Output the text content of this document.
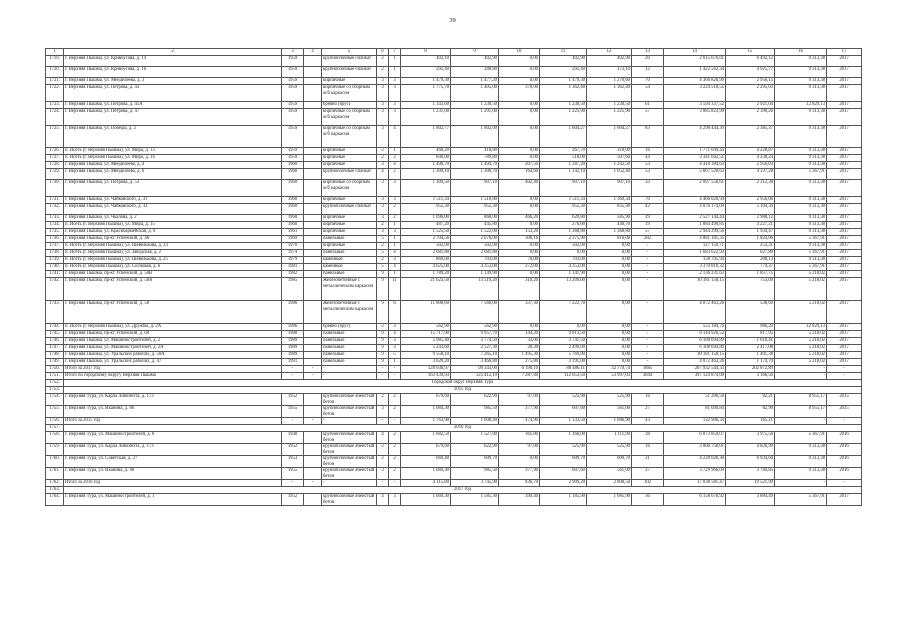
39
1	2	3	4	5	6	7	8	9	10	11	12	13	14	15	16	17
1719.	г. Верхняя Пышма, ул. Кривоусова, д. 14	1959		крупноблочные силикат	2	1	403,10	402,90	0,00	402,90	402,90	20	2 615 676,61	6 492,12	9 313,38	2017
1720.	г. Верхняя Пышма, ул. Кривоусова, д. 16	1959		крупноблочные силикат	2	1	292,40	288,80	0,00	292,40	173,10	12	1 422 562,34	4 925,77	9 313,38	2017
1721.	г. Верхняя Пышма, ул. Менделеева, д. 3	1959		кирпичные	3	3	1 479,30	1 477,20	0,00	1 479,30	1 270,60	70	4 366 826,99	2 956,15	9 313,38	2017
1722.	г. Верхняя Пышма, ул. Петрова, д. 43	1959		кирпичные со сборным ж/б каркасом	3	3	1 775,70	1 405,00	370,00	1 362,40	1 362,40	54	3 224 518,55	2 295,03	9 313,38	2017
1723.	г. Верхняя Пышма, ул. Петрова, д. 45А	1959		бревно (брус)	3	3	1 343,60	1 230,50	0,00	1 230,50	1 230,50	61	3 594 337,52	2 921,04	12 829,13	2017
1724.	г. Верхняя Пышма, ул. Петрова, д. 47	1959		кирпичные со сборным ж/б каркасом	3	3	1 231,00	1 291,00	0,00	1 225,90	1 225,90	57	3 085 823,99	2 390,26	9 313,38	2017
1725.	г. Верхняя Пышма, ул. Победы, д. 2	1959		кирпичные со сборным ж/б каркасом	3	4	1 802,77	1 802,00	0,00	1 604,27	1 604,27	83	4 298 444,39	2 385,37	9 313,38	2017
1726.	п. Исеть (г. Верхняя Пышма), ул. Мира, д. 13	1959		кирпичные	2	1	460,20	418,80	0,00	267,70	310,00	16	1 771 049,44	4 228,87	9 313,38	2017
1727.	п. Исеть (г. Верхняя Пышма), ул. Мира, д. 14	1959		кирпичные	2	2	840,00	789,80	0,00	518,00	507,60	44	3 341 042,51	4 230,24	9 313,38	2017
1728.	г. Верхняя Пышма, ул. Менделеева, д. 4	1960		кирпичные	3	4	1 496,70	1 494,70	207,50	1 287,20	1 242,50	53	4 418 384,63	2 956,03	9 313,38	2017
1729.	г. Верхняя Пышма, ул. Менделеева, д. 6	1960		крупноблочные силикат	4	2	1 309,10	1 306,70	164,60	1 142,10	1 052,40	53	5 667 520,63	4 337,28	5 367,91	2017
1730.	г. Верхняя Пышма, ул. Петрова, д. 53	1960		кирпичные со сборным ж/б каркасом	3	3	1 309,50	907,10	402,40	907,10	907,10	33	2 097 556,61	2 312,38	9 313,38	2017
1731.	г. Верхняя Пышма, ул. Чайковского, д. 31	1960		кирпичные	3	3	1 511,34	1 510,80	0,00	1 511,34	1 369,34	70	4 466 020,94	2 956,06	9 313,38	2017
1732.	г. Верхняя Пышма, ул. Чайковского, д. 33	1960		крупноблочные силикат	3	2	955,30	955,30	0,00	955,30	835,30	42	4 876 174,09	5 104,34	9 313,38	2017
1733.	г. Верхняя Пышма, ул. Чкалова, д. 2	1960		кирпичные	3	2	1 096,00	868,00	466,20	629,80	585,90	29	2 527 144,44	2 988,12	9 313,38	2017
1734.	п. Исеть (г. Верхняя Пышма), ул. Мира, д. 15	1960		кирпичные	2	1	487,20	445,80	0,00	276,00	440,70	19	1 884 490,85	4 227,21	9 313,38	2017
1735.	г. Верхняя Пышма, ул. Красноармейская, д. 9	1961		кирпичные	3	3	1 525,50	1 522,00	153,20	1 368,80	1 368,80	57	2 944 299,56	1 934,47	9 313,38	2017
1736.	г. Верхняя Пышма, пр-кт Успенский, д. 48	1969		панельные	5	1	2 704,56	2 676,00	306,16	2 375,90	816,00	282	4 881 181,35	1 824,06	5 367,91	2017
1737.	п. Исеть (г. Верхняя Пышма), ул. Шевелькова, д. 23	1970		кирпичные	2	1	502,00	502,00	0,00	502,00	0,00	-	127 159,71	253,31	9 313,38	2017
1738.	п. Исеть (г. Верхняя Пышма), ул. Заводская, д. 2	1974		панельные	5	4	2 681,80	2 681,80	0,00	0,00	0,00	-	1 683 622,93	627,80	5 367,91	2017
1739.	п. Исеть (г. Верхняя Пышма), ул. Шевелькова, д. 25	1979		каменные	2	3	869,00	793,00	76,00	793,00	0,00	-	158 705,94	200,13	9 313,38	2017
1740.	п. Исеть (г. Верхняя Пышма), ул. Сосновая, д. 6	1981		каменные	5	4	4 625,00	4 353,00	272,00	4 353,00	0,00	-	3 370 818,32	774,37	5 367,91	2017
1741.	г. Верхняя Пышма, пр-кт Успенский, д. 50В	1982		панельные	9	1	1 789,20	1 149,90	0,00	1 141,90	0,00	-	2 136 231,63	1 857,75	5 218,02	2017
1742.	г. Верхняя Пышма, пр-кт Успенский, д. 58А	1985		Железобетонные с металлическим каркасом	9	11	21 623,50	13 519,20	310,20	13 209,00	0,00	-	10 181 158,15	753,09	5 218,02	2017
1743.	г. Верхняя Пышма, пр-кт Успенский, д. 58	1986		Железобетонные с металлическим каркасом	9	6	11 808,60	7 560,00	337,30	7 222,70	0,00	-	4 072 463,26	538,69	5 218,02	2017
1744.	п. Исеть (г. Верхняя Пышма), ул. Дружбы, д. 2А	1986		бревно (брус)	2	3	562,90	562,90	0,00	0,00	0,00	-	555 184,76	986,29	12 829,13	2017
1745.	г. Верхняя Пышма, пр-кт Успенский, д. 60	1988		панельные	9	4	15 717,90	9 957,70	144,20	9 813,50	0,00	-	8 144 926,52	817,95	5 218,02	2017
1746.	г. Верхняя Пышма, ул. Машиностроителей, д. 2	1989		панельные	9	3	5 985,40	3 774,50	33,00	3 741,50	0,00	-	6 108 694,89	1 618,41	5 218,02	2017
1747.	г. Верхняя Пышма, ул. Машиностроителей, д. 2А	1989		панельные	9	3	5 243,60	2 527,30	28,30	2 499,00	0,00	-	6 108 694,89	2 417,08	5 218,02	2017
1748.	г. Верхняя Пышма, ул. Уральских рабочих, д. 50А	1989		панельные	9	5	9 558,10	7 265,10	1 495,30	5 769,80	0,00	-	10 181 158,15	1 401,38	5 218,02	2017
1749.	г. Верхняя Пышма, ул. Уральских рабочих, д. 47	1991		панельные	9	1	3 620,20	3 466,80	275,80	3 191,00	0,00	-	4 072 463,26	1 174,70	5 218,02	2017
1750.	Итого за 2017 год	-	-	-	-	-	128 036,97	99 343,00	6 390,10	88 486,11	32 779,74	1885	207 932 544,33	202 872,89	-	-
1751.	Итого по городскому округу Верхняя Пышма	-	-	-	-	-	163 439,93	125 412,19	7 287,40	112 053,50	53 997,03	3044	397 124 874,09	3 166,56	-	-
1752.	Городской округ Верхняя Тура															
1753.	2015 год															
1754.	г. Верхняя Тура, ул. Карла Либкнехта, д. 173	1952		крупноблочные ячеистый бетон	2	2	679,60	622,90	97,00	525,90	525,90	16	51 206,50	82,21	8 955,17	2015
1755.	г. Верхняя Тура, ул. Иканина, д. 86	1955		крупноблочные ячеистый бетон	3	2	1 084,30	985,50	377,90	607,60	561,00	27	81 699,84	82,90	8 955,17	2015
1756.	Итого за 2015 год	-	-	-	-	-	1 763,90	1 608,40	474,90	1 133,50	1 086,90	43	132 906,34	165,11	-	-
1757.	2016 год															
1758.	г. Верхняя Тура, ул. Машиностроителей, д. 8	1940		крупноблочные ячеистый бетон	4	2	1 682,50	1 527,80	361,80	1 166,00	1 111,90	38	6 073 859,07	3 975,56	5 367,91	2016
1759.	г. Верхняя Тура, ул. Карла Либкнехта, д. 173	1952		крупноблочные ячеистый бетон	2	2	679,60	622,90	97,00	525,90	525,90	16	3 006 750,01	4 826,99	9 313,38	2016
1760.	г. Верхняя Тура, ул. Советская, д. 27	1953		крупноблочные ячеистый бетон	2	2	669,40	609,70	0,00	609,70	609,70	21	4 228 026,30	6 934,60	9 313,38	2016
1761.	г. Верхняя Тура, ул. Иканина, д. 88	1955		крупноблочные ячеистый бетон	3	2	1 084,30	985,50	377,90	607,60	561,00	27	3 729 966,09	3 784,85	9 313,38	2016
1762.	Итого за 2016 год	-	-	-	-	-	4 115,80	3 745,90	836,70	2 909,20	2 808,50	102	17 038 581,47	19 521,99	-	-
1763.	2017 год															
1764.	г. Верхняя Тура, ул. Машиностроителей, д. 1	1952		крупноблочные ячеистый бетон	4	3	1 669,30	1 585,30	399,40	1 185,90	1 085,90	36	6 158 078,92	3 884,49	5 367,91	2017
